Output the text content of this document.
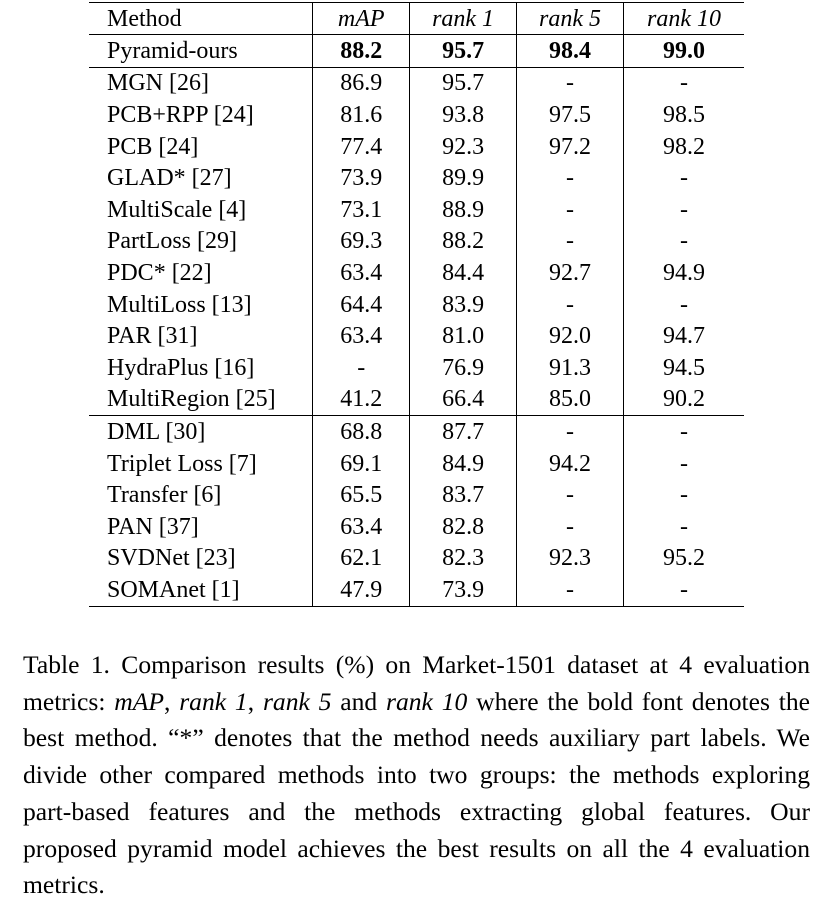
Method	mAP	rank 1	rank 5	rank 10
Pyramid-ours	88.2	95.7	98.4	99.0
MGN [26]	86.9	95.7	-	-
PCB+RPP [24]	81.6	93.8	97.5	98.5
PCB [24]	77.4	92.3	97.2	98.2
GLAD* [27]	73.9	89.9	-	-
MultiScale [4]	73.1	88.9	-	-
PartLoss [29]	69.3	88.2	-	-
PDC* [22]	63.4	84.4	92.7	94.9
MultiLoss [13]	64.4	83.9	-	-
PAR [31]	63.4	81.0	92.0	94.7
HydraPlus [16]	-	76.9	91.3	94.5
MultiRegion [25]	41.2	66.4	85.0	90.2
DML [30]	68.8	87.7	-	-
Triplet Loss [7]	69.1	84.9	94.2	-
Transfer [6]	65.5	83.7	-	-
PAN [37]	63.4	82.8	-	-
SVDNet [23]	62.1	82.3	92.3	95.2
SOMAnet [1]	47.9	73.9	-	-

Table 1. Comparison results (%) on Market-1501 dataset at 4 evaluation metrics: mAP, rank 1, rank 5 and rank 10 where the bold font denotes the best method. “*” denotes that the method needs auxiliary part labels. We divide other compared methods into two groups: the methods exploring part-based features and the methods extracting global features. Our proposed pyramid model achieves the best results on all the 4 evaluation metrics.
